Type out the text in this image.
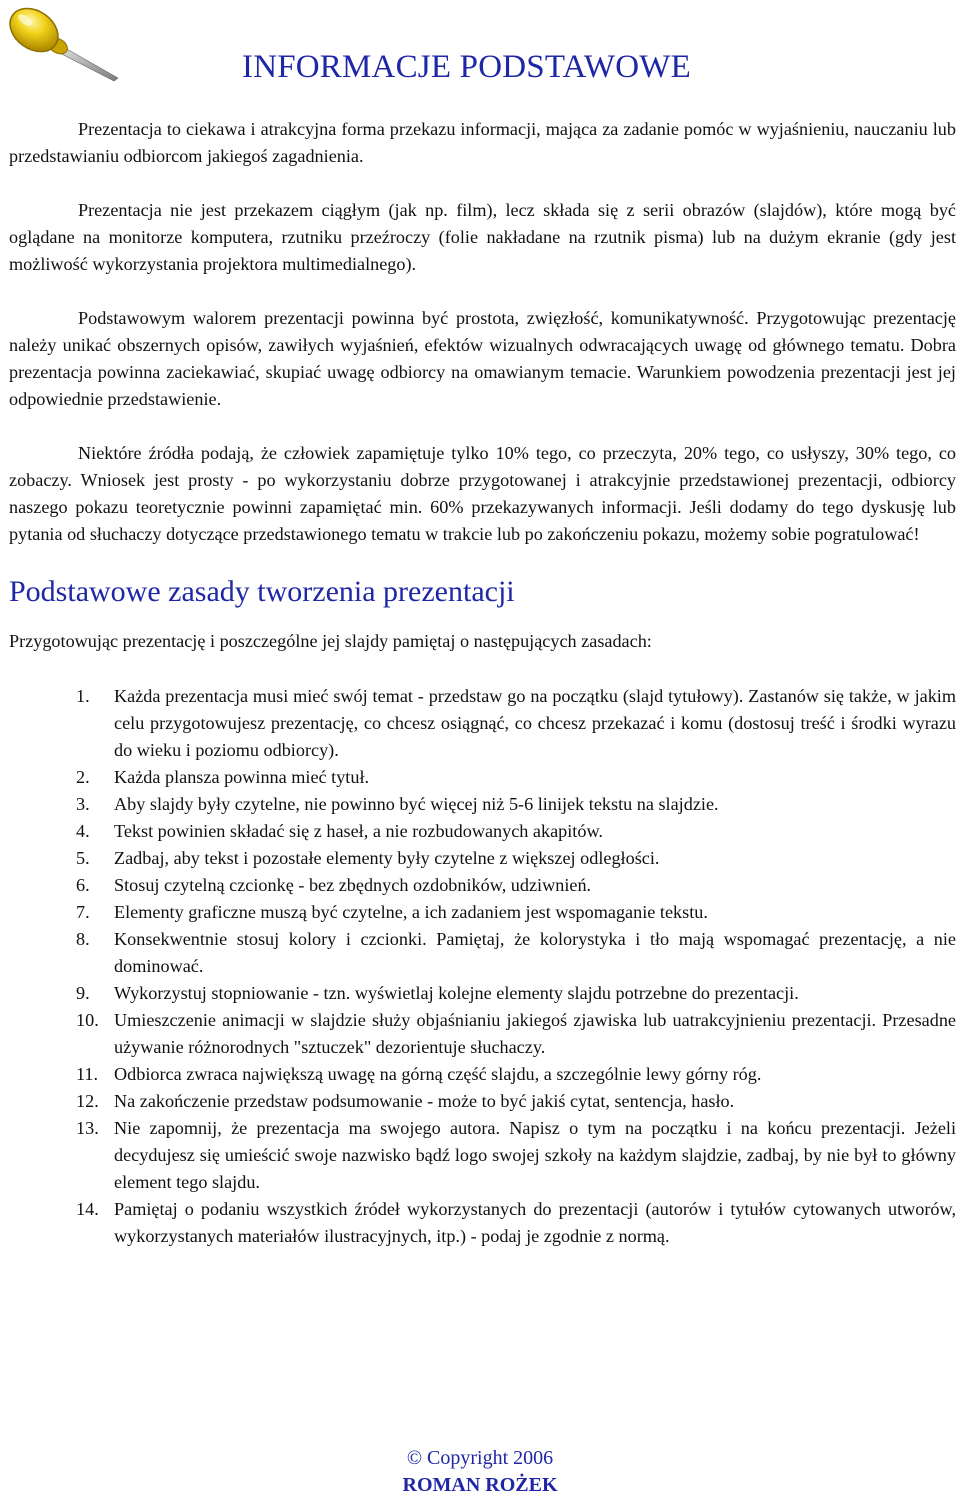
INFORMACJE PODSTAWOWE

Prezentacja to ciekawa i atrakcyjna forma przekazu informacji, mająca za zadanie pomóc w wyjaśnieniu, nauczaniu lub przedstawianiu odbiorcom jakiegoś zagadnienia.

Prezentacja nie jest przekazem ciągłym (jak np. film), lecz składa się z serii obrazów (slajdów), które mogą być oglądane na monitorze komputera, rzutniku przeźroczy (folie nakładane na rzutnik pisma) lub na dużym ekranie (gdy jest możliwość wykorzystania projektora multimedialnego).

Podstawowym walorem prezentacji powinna być prostota, zwięzłość, komunikatywność. Przygotowując prezentację należy unikać obszernych opisów, zawiłych wyjaśnień, efektów wizualnych odwracających uwagę od głównego tematu. Dobra prezentacja powinna zaciekawiać, skupiać uwagę odbiorcy na omawianym temacie. Warunkiem powodzenia prezentacji jest jej odpowiednie przedstawienie.

Niektóre źródła podają, że człowiek zapamiętuje tylko 10% tego, co przeczyta, 20% tego, co usłyszy, 30% tego, co zobaczy. Wniosek jest prosty - po wykorzystaniu dobrze przygotowanej i atrakcyjnie przedstawionej prezentacji, odbiorcy naszego pokazu teoretycznie powinni zapamiętać min. 60% przekazywanych informacji. Jeśli dodamy do tego dyskusję lub pytania od słuchaczy dotyczące przedstawionego tematu w trakcie lub po zakończeniu pokazu, możemy sobie pogratulować!

Podstawowe zasady tworzenia prezentacji

Przygotowując prezentację i poszczególne jej slajdy pamiętaj o następujących zasadach:

1.	Każda prezentacja musi mieć swój temat - przedstaw go na początku (slajd tytułowy). Zastanów się także, w jakim celu przygotowujesz prezentację, co chcesz osiągnąć, co chcesz przekazać i komu (dostosuj treść i środki wyrazu do wieku i poziomu odbiorcy).
2.	Każda plansza powinna mieć tytuł.
3.	Aby slajdy były czytelne, nie powinno być więcej niż 5-6 linijek tekstu na slajdzie.
4.	Tekst powinien składać się z haseł, a nie rozbudowanych akapitów.
5.	Zadbaj, aby tekst i pozostałe elementy były czytelne z większej odległości.
6.	Stosuj czytelną czcionkę - bez zbędnych ozdobników, udziwnień.
7.	Elementy graficzne muszą być czytelne, a ich zadaniem jest wspomaganie tekstu.
8.	Konsekwentnie stosuj kolory i czcionki. Pamiętaj, że kolorystyka i tło mają wspomagać prezentację, a nie dominować.
9.	Wykorzystuj stopniowanie - tzn. wyświetlaj kolejne elementy slajdu potrzebne do prezentacji.
10. Umieszczenie animacji w slajdzie służy objaśnianiu jakiegoś zjawiska lub uatrakcyjnieniu prezentacji. Przesadne używanie różnorodnych "sztuczek" dezorientuje słuchaczy.
11. Odbiorca zwraca największą uwagę na górną część slajdu, a szczególnie lewy górny róg.
12. Na zakończenie przedstaw podsumowanie - może to być jakiś cytat, sentencja, hasło.
13. Nie zapomnij, że prezentacja ma swojego autora. Napisz o tym na początku i na końcu prezentacji. Jeżeli decydujesz się umieścić swoje nazwisko bądź logo swojej szkoły na każdym slajdzie, zadbaj, by nie był to główny element tego slajdu.
14. Pamiętaj o podaniu wszystkich źródeł wykorzystanych do prezentacji (autorów i tytułów cytowanych utworów, wykorzystanych materiałów ilustracyjnych, itp.) - podaj je zgodnie z normą.
© Copyright 2006
ROMAN ROŻEK
